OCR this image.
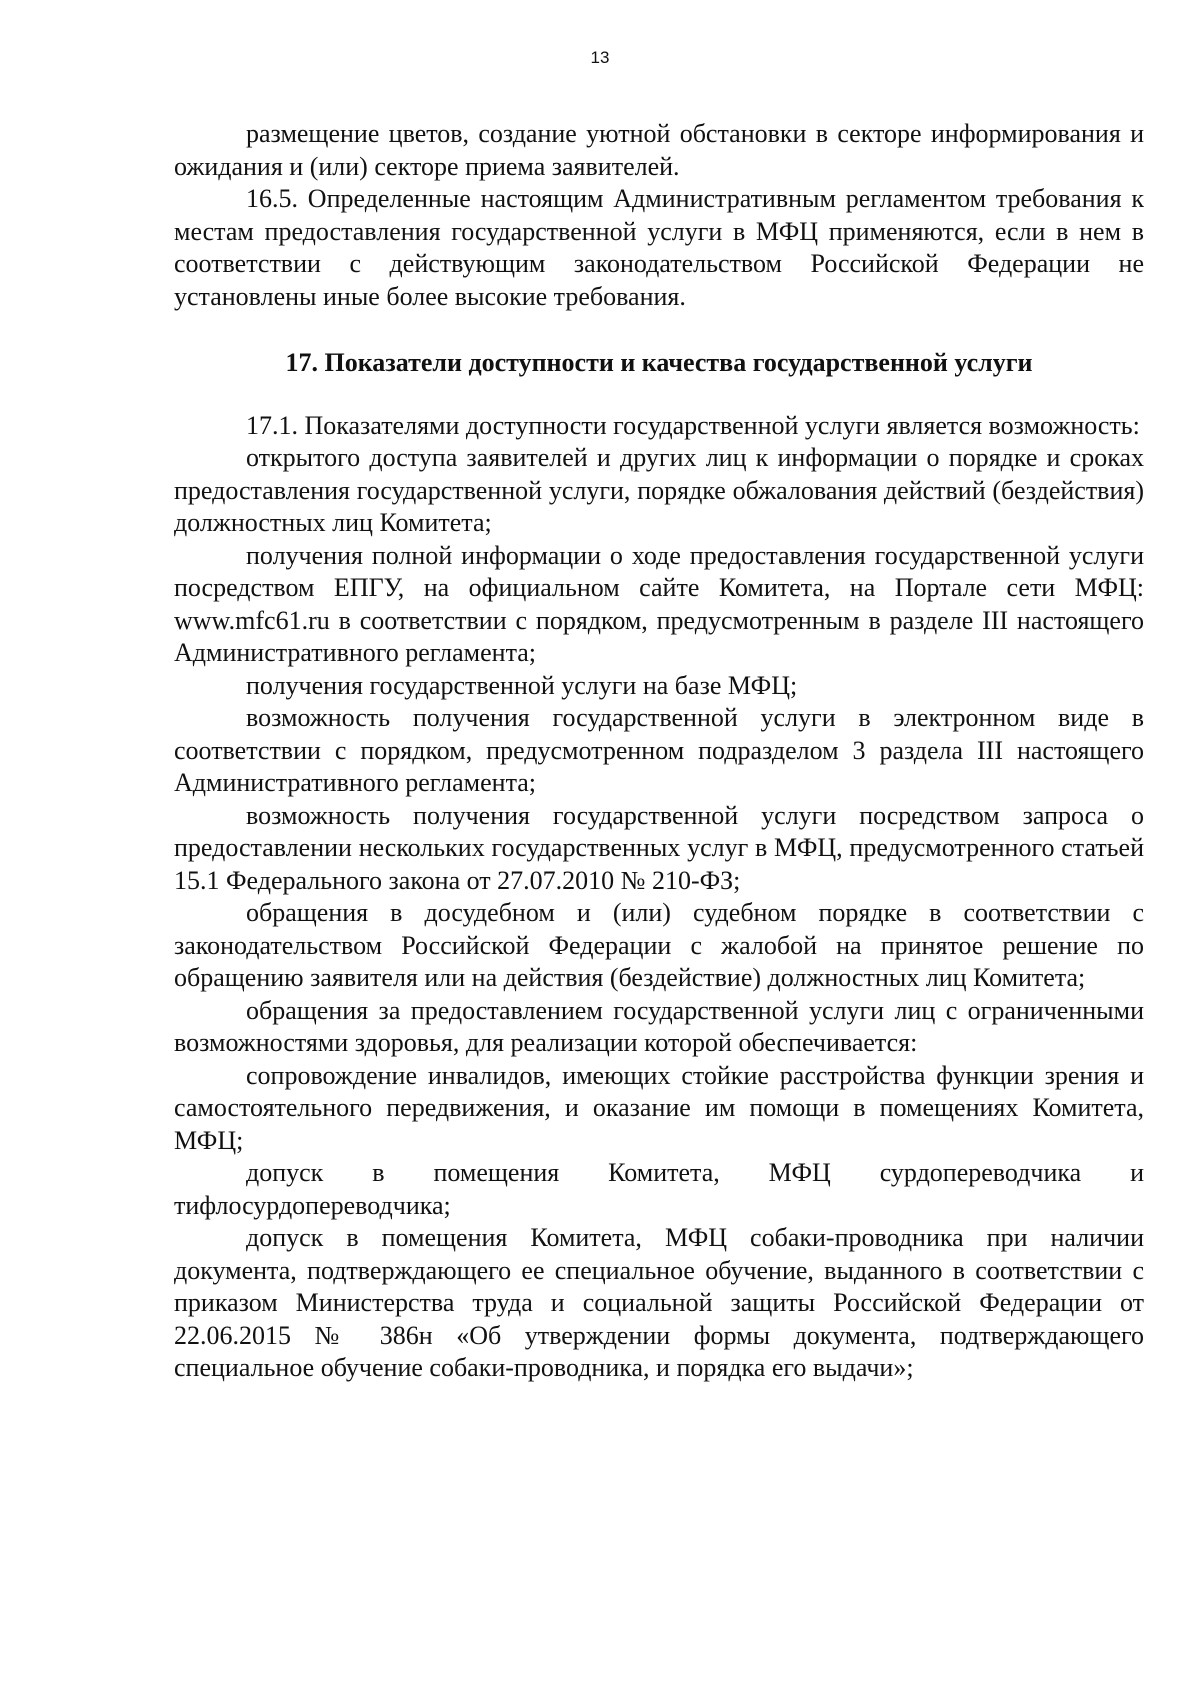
13

размещение цветов, создание уютной обстановки в секторе информирования и ожидания и (или) секторе приема заявителей.

16.5. Определенные настоящим Административным регламентом требования к местам предоставления государственной услуги в МФЦ применяются, если в нем в соответствии с действующим законодательством Российской Федерации не установлены иные более высокие требования.

17. Показатели доступности и качества государственной услуги

17.1. Показателями доступности государственной услуги является возможность:

открытого доступа заявителей и других лиц к информации о порядке и сроках предоставления государственной услуги, порядке обжалования действий (бездействия) должностных лиц Комитета;

получения полной информации о ходе предоставления государственной услуги посредством ЕПГУ, на официальном сайте Комитета, на Портале сети МФЦ: www.mfc61.ru в соответствии с порядком, предусмотренным в разделе III настоящего Административного регламента;

получения государственной услуги на базе МФЦ;

возможность получения государственной услуги в электронном виде в соответствии с порядком, предусмотренном подразделом 3 раздела III настоящего Административного регламента;

возможность получения государственной услуги посредством запроса о предоставлении нескольких государственных услуг в МФЦ, предусмотренного статьей 15.1 Федерального закона от 27.07.2010 № 210-ФЗ;

обращения в досудебном и (или) судебном порядке в соответствии с законодательством Российской Федерации с жалобой на принятое решение по обращению заявителя или на действия (бездействие) должностных лиц Комитета;

обращения за предоставлением государственной услуги лиц с ограниченными возможностями здоровья, для реализации которой обеспечивается:

сопровождение инвалидов, имеющих стойкие расстройства функции зрения и самостоятельного передвижения, и оказание им помощи в помещениях Комитета, МФЦ;

допуск в помещения Комитета, МФЦ сурдопереводчика и тифлосурдопереводчика;

допуск в помещения Комитета, МФЦ собаки-проводника при наличии документа, подтверждающего ее специальное обучение, выданного в соответствии с приказом Министерства труда и социальной защиты Российской Федерации от 22.06.2015 № 386н «Об утверждении формы документа, подтверждающего специальное обучение собаки-проводника, и порядка его выдачи»;
